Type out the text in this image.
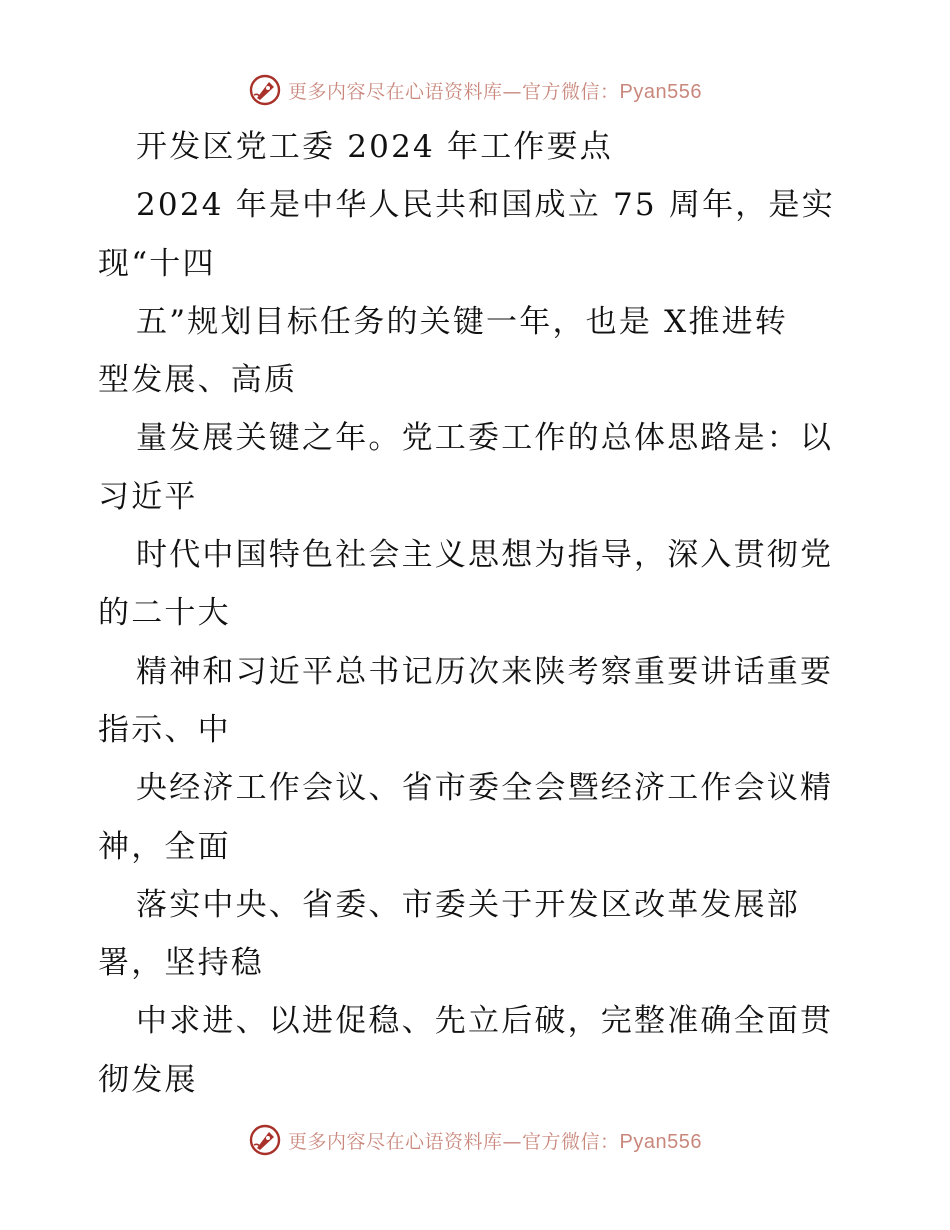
更多内容尽在心语资料库—官方微信：Pyan556
开发区党工委 2024 年工作要点
2024 年是中华人民共和国成立 75 周年，是实
现“十四
五”规划目标任务的关键一年，也是 X推进转
型发展、高质
量发展关键之年。党工委工作的总体思路是：以
习近平
时代中国特色社会主义思想为指导，深入贯彻党
的二十大
精神和习近平总书记历次来陕考察重要讲话重要
指示、中
央经济工作会议、省市委全会暨经济工作会议精
神，全面
落实中央、省委、市委关于开发区改革发展部
署，坚持稳
中求进、以进促稳、先立后破，完整准确全面贯
彻发展
更多内容尽在心语资料库—官方微信：Pyan556
